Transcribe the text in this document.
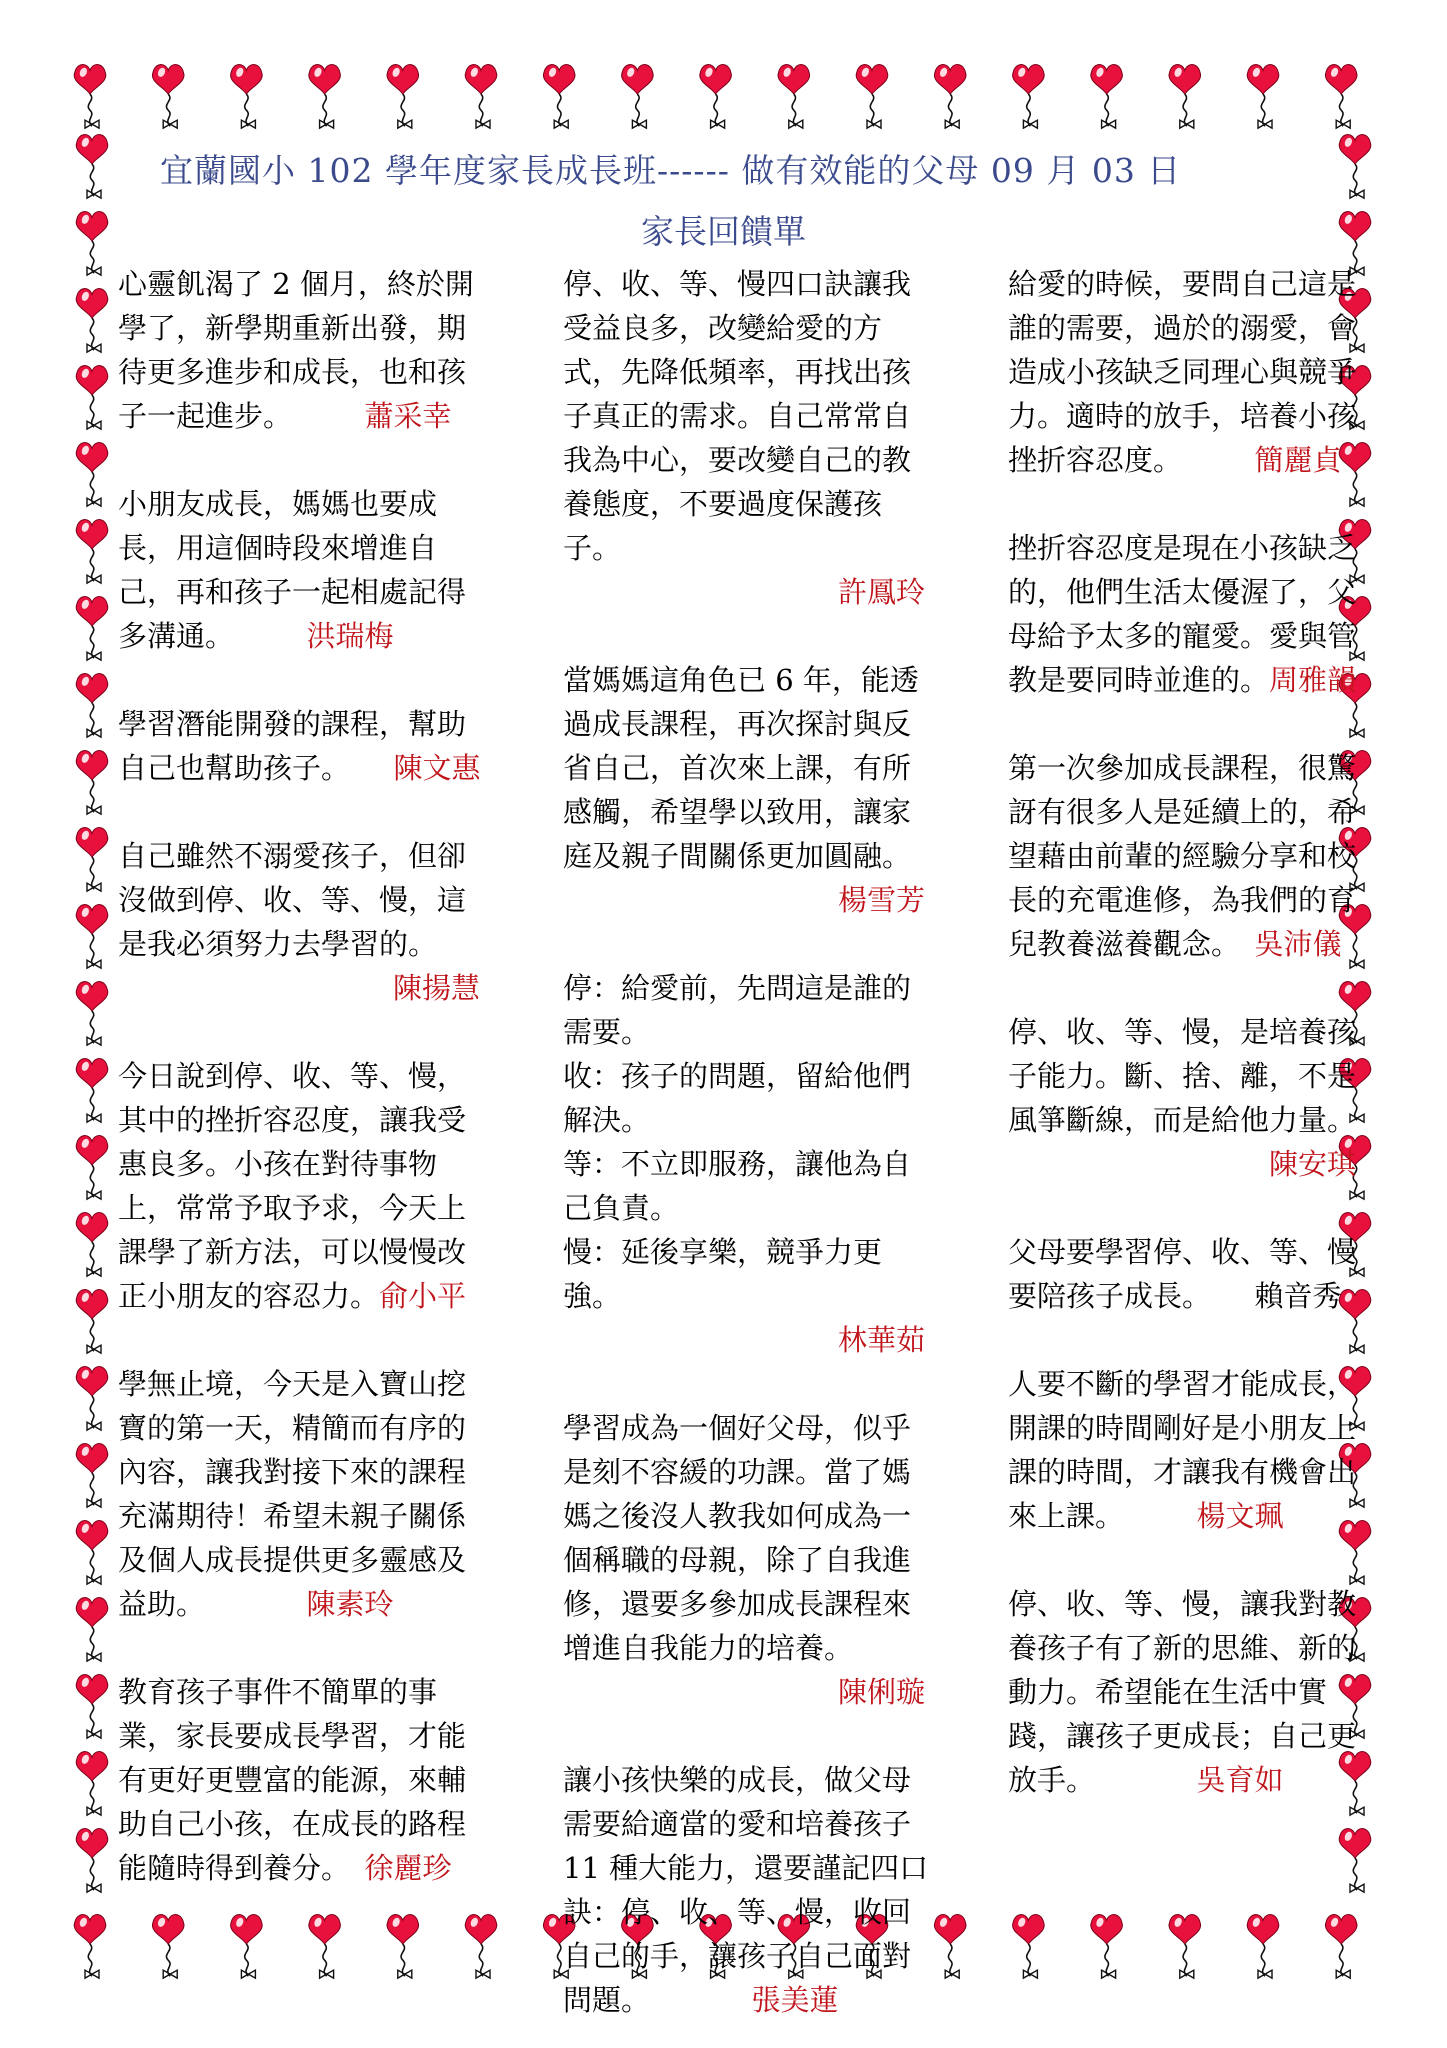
宜蘭國小 102 學年度家長成長班------ 做有效能的父母 09 月 03 日
家長回饋單
心靈飢渴了 2 個月，終於開學了，新學期重新出發，期待更多進步和成長，也和孩子一起進步。　　　	蕭采幸
小朋友成長，媽媽也要成長，用這個時段來增進自己，再和孩子一起相處記得多溝通。　　　	洪瑞梅
學習潛能開發的課程，幫助自己也幫助孩子。　　 陳文惠
自己雖然不溺愛孩子，但卻沒做到停、收、等、慢，這是我必須努力去學習的。
陳揚慧
今日說到停、收、等、慢，其中的挫折容忍度，讓我受惠良多。小孩在對待事物上，常常予取予求，今天上課學了新方法，可以慢慢改正小朋友的容忍力。俞小平
學無止境，今天是入寶山挖寶的第一天，精簡而有序的內容，讓我對接下來的課程充滿期待！希望未親子關係及個人成長提供更多靈感及益助。　　　　	陳素玲
教育孩子事件不簡單的事業，家長要成長學習，才能有更好更豐富的能源，來輔助自己小孩，在成長的路程能隨時得到養分。　 徐麗珍
停、收、等、慢四口訣讓我受益良多，改變給愛的方式，先降低頻率，再找出孩子真正的需求。自己常常自我為中心，要改變自己的教養態度，不要過度保護孩子。
許鳳玲
當媽媽這角色已 6 年，能透過成長課程，再次探討與反省自己，首次來上課，有所感觸，希望學以致用，讓家庭及親子間關係更加圓融。
楊雪芳
停：給愛前，先問這是誰的需要。
收：孩子的問題，留給他們解決。
等：不立即服務，讓他為自己負責。
慢：延後享樂，競爭力更強。
林華茹
學習成為一個好父母，似乎是刻不容緩的功課。當了媽媽之後沒人教我如何成為一個稱職的母親，除了自我進修，還要多參加成長課程來增進自我能力的培養。
陳俐璇
讓小孩快樂的成長，做父母需要給適當的愛和培養孩子 11 種大能力，還要謹記四口訣：停、收、等、慢，收回自己的手，讓孩子自己面對問題。　　　　	張美蓮
給愛的時候，要問自己這是誰的需要，過於的溺愛，會造成小孩缺乏同理心與競爭力。適時的放手，培養小孩挫折容忍度。　　　	簡麗貞
挫折容忍度是現在小孩缺乏的，他們生活太優渥了，父母給予太多的寵愛。愛與管教是要同時並進的。周雅韻
第一次參加成長課程，很驚訝有很多人是延續上的，希望藉由前輩的經驗分享和校長的充電進修，為我們的育兒教養滋養觀念。　 吳沛儀
停、收、等、慢，是培養孩子能力。斷、捨、離，不是風箏斷線，而是給他力量。
陳安琪
父母要學習停、收、等、慢要陪孩子成長。　　 賴音秀
人要不斷的學習才能成長，開課的時間剛好是小朋友上課的時間，才讓我有機會出來上課。　　　	楊文珮
停、收、等、慢，讓我對教養孩子有了新的思維、新的動力。希望能在生活中實踐，讓孩子更成長；自己更放手。　　　　	吳育如
